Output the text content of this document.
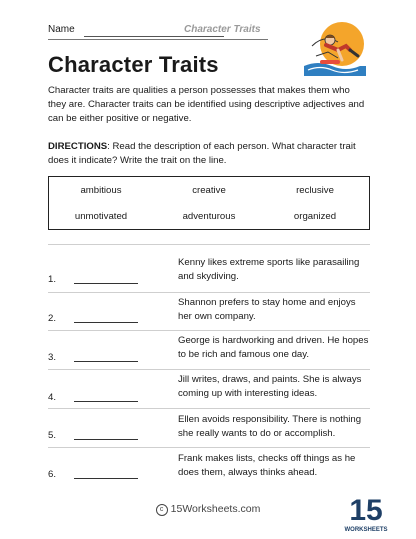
Name	Character Traits
Character Traits

Character traits are qualities a person possesses that makes them who they are. Character traits can be identified using descriptive adjectives and can be either positive or negative.

DIRECTIONS: Read the description of each person. What character trait does it indicate? Write the trait on the line.

ambitious	creative	reclusive
unmotivated	adventurous	organized
1.

Kenny likes extreme sports like parasailing and skydiving.

2.

Shannon prefers to stay home and enjoys her own company.

3.

George is hardworking and driven. He hopes to be rich and famous one day.

4.

Jill writes, draws, and paints. She is always coming up with interesting ideas.

5.

Ellen avoids responsibility. There is nothing she really wants to do or accomplish.

6.

Frank makes lists, checks off things as he does them, always thinks ahead.

c 15Worksheets.com	15
WORKSHEETS
